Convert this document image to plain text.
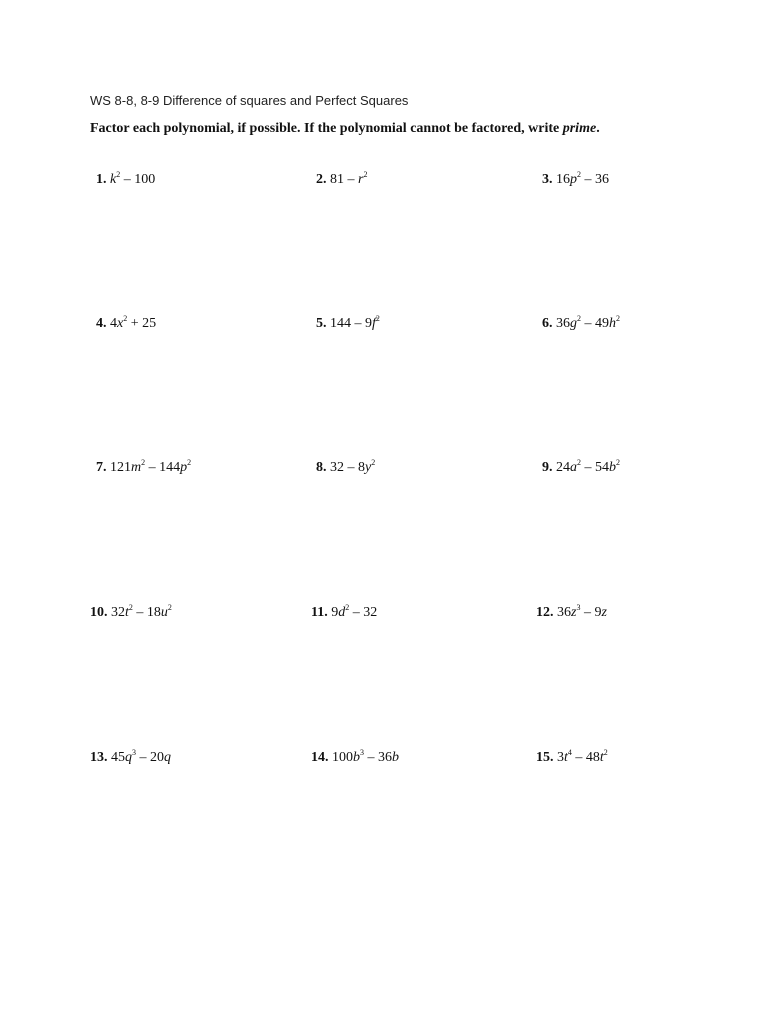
WS 8-8, 8-9 Difference of squares and Perfect Squares
Factor each polynomial, if possible. If the polynomial cannot be factored, write prime.
1. $k^2 - 100$	2. $81 - r^2$	3. $16p^2 - 36$
4. $4x^2 + 25$	5. $144 - 9f^2$	6. $36g^2 - 49h^2$
7. $121m^2 - 144p^2$	8. $32 - 8y^2$	9. $24a^2 - 54b^2$
10. $32t^2 - 18u^2$	11. $9d^2 - 32$	12. $36z^3 - 9z$
13. $45q^3 - 20q$	14. $100b^3 - 36b$	15. $3t^4 - 48t^2$
